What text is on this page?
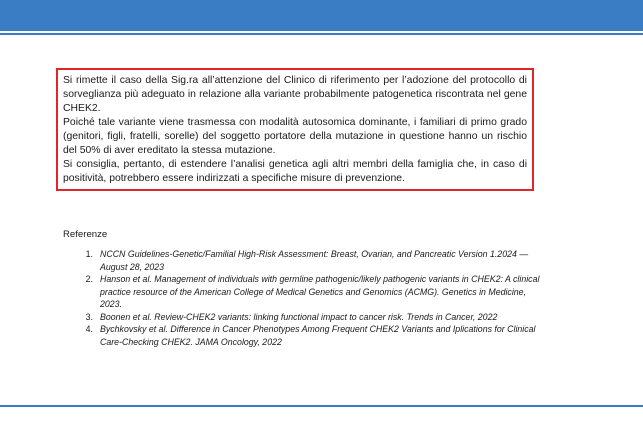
Si rimette il caso della Sig.ra all’attenzione del Clinico di riferimento per l’adozione del protocollo di sorveglianza più adeguato in relazione alla variante probabilmente patogenetica riscontrata nel gene CHEK2.

Poiché tale variante viene trasmessa con modalità autosomica dominante, i familiari di primo grado (genitori, figli, fratelli, sorelle) del soggetto portatore della mutazione in questione hanno un rischio del 50% di aver ereditato la stessa mutazione.

Si consiglia, pertanto, di estendere l’analisi genetica agli altri membri della famiglia che, in caso di positività, potrebbero essere indirizzati a specifiche misure di prevenzione.

Referenze

1. NCCN Guidelines-Genetic/Familial High-Risk Assessment: Breast, Ovarian, and Pancreatic Version 1.2024 — August 28, 2023
2. Hanson et al. Management of individuals with germline pathogenic/likely pathogenic variants in CHEK2: A clinical practice resource of the American College of Medical Genetics and Genomics (ACMG). Genetics in Medicine, 2023.
3. Boonen et al. Review-CHEK2 variants: linking functional impact to cancer risk. Trends in Cancer, 2022
4. Bychkovsky et al. Difference in Cancer Phenotypes Among Frequent CHEK2 Variants and Iplications for Clinical Care-Checking CHEK2. JAMA Oncology, 2022
